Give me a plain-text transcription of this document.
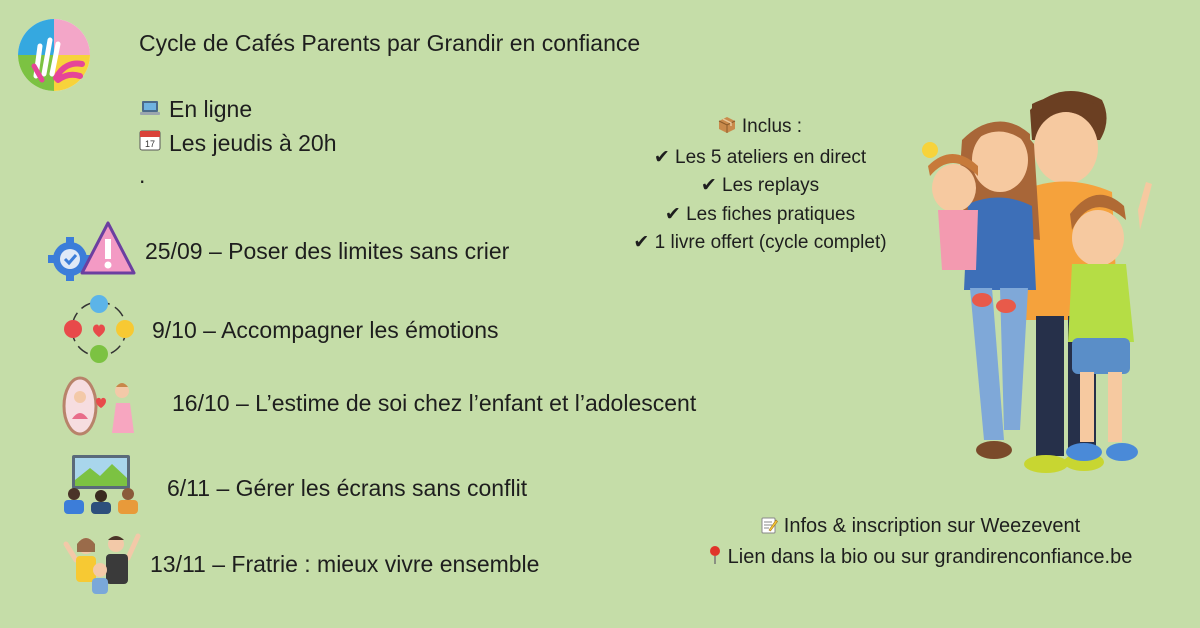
Cycle de Cafés Parents par Grandir en confiance
En ligne
17 Les jeudis à 20h
.
25/09 – Poser des limites sans crier
9/10 – Accompagner les émotions
16/10 – L’estime de soi chez l’enfant et l’adolescent
6/11 – Gérer les écrans sans conflit
13/11 – Fratrie : mieux vivre ensemble
Inclus :
✔︎ Les 5 ateliers en direct
✔︎ Les replays
✔︎ Les fiches pratiques
✔︎ 1 livre offert (cycle complet)
Infos & inscription sur Weezevent
Lien dans la bio ou sur grandirenconfiance.be
